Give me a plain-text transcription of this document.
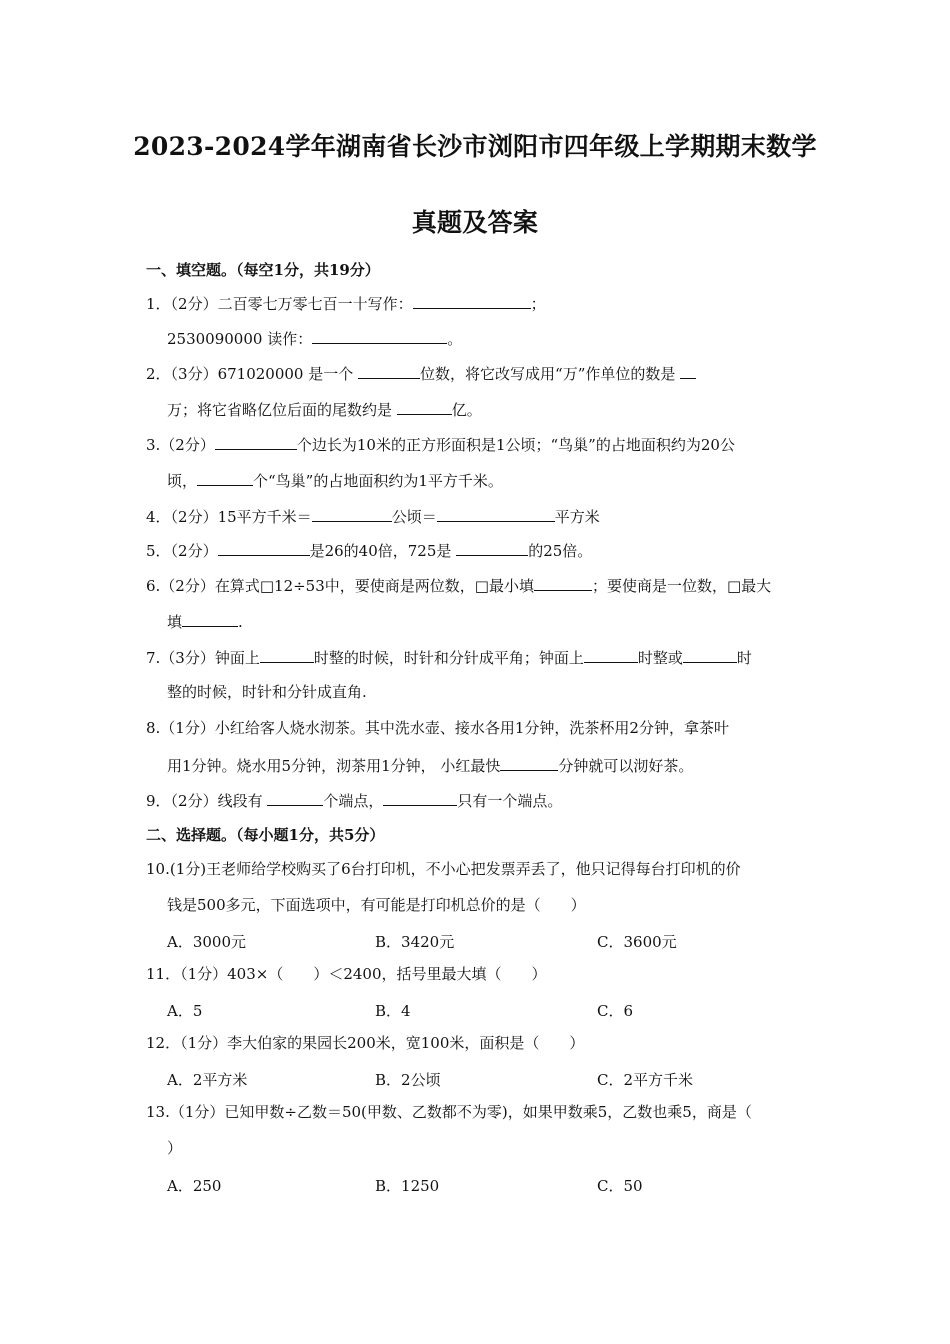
2023-2024学年湖南省长沙市浏阳市四年级上学期期末数学
真题及答案
一、填空题。（每空1分，共19分）
1．（2分）二百零七万零七百一十写作：	；
2530090000 读作：	。
2．（3分）671020000 是一个	位数，将它改写成用“万”作单位的数是
万；将它省略亿位后面的尾数约是	亿。
3.（2分）	个边长为10米的正方形面积是1公顷；“鸟巢”的占地面积约为20公
顷，	个“鸟巢”的占地面积约为1平方千米。
4．（2分）15平方千米＝	公顷＝	平方米
5．（2分）	是26的40倍，725是	的25倍。
6.（2分）在算式□12÷53中，要使商是两位数，□最小填	；要使商是一位数，□最大
填	.
7.（3分）钟面上	时整的时候，时针和分针成平角；钟面上	时整或	时
整的时候，时针和分针成直角.
8.（1分）小红给客人烧水沏茶。其中洗水壶、接水各用1分钟，洗茶杯用2分钟，拿茶叶
用1分钟。烧水用5分钟，沏茶用1分钟， 小红最快	分钟就可以沏好茶。
9．（2分）线段有	个端点，	只有一个端点。
二、选择题。（每小题1分，共5分）
10.(1分)王老师给学校购买了6台打印机，不小心把发票弄丢了，他只记得每台打印机的价
钱是500多元，下面选项中，有可能是打印机总价的是（　　）
A．3000元	B．3420元	C．3600元
11．（1分）403×（　　）＜2400，括号里最大填（　　）
A．5	B．4	C．6
12．（1分）李大伯家的果园长200米，宽100米，面积是（　　）
A．2平方米	B．2公顷	C．2平方千米
13.（1分）已知甲数÷乙数＝50(甲数、乙数都不为零)，如果甲数乘5，乙数也乘5，商是（
）
A．250	B．1250	C．50
